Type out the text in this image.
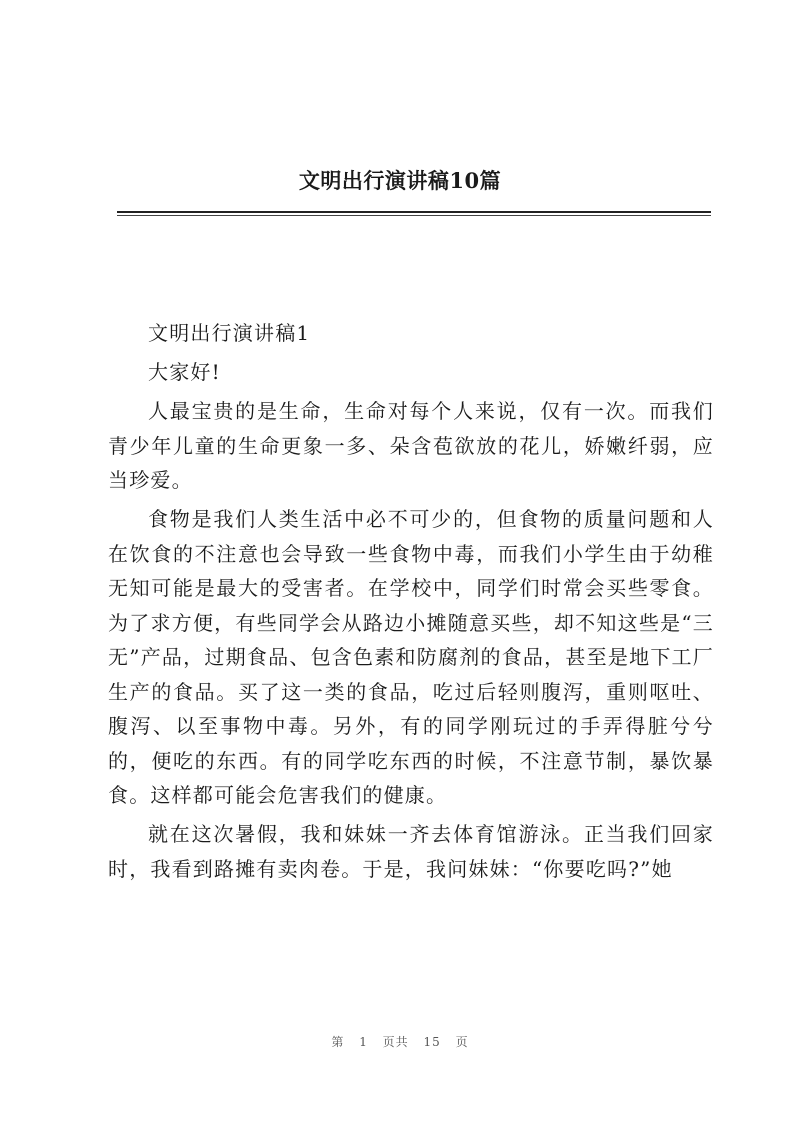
文明出行演讲稿10篇

文明出行演讲稿1

大家好!

人最宝贵的是生命，生命对每个人来说，仅有一次。而我们青少年儿童的生命更象一多、朵含苞欲放的花儿，娇嫩纤弱，应当珍爱。

食物是我们人类生活中必不可少的，但食物的质量问题和人在饮食的不注意也会导致一些食物中毒，而我们小学生由于幼稚无知可能是最大的受害者。在学校中，同学们时常会买些零食。为了求方便，有些同学会从路边小摊随意买些，却不知这些是“三无”产品，过期食品、包含色素和防腐剂的食品，甚至是地下工厂生产的食品。买了这一类的食品，吃过后轻则腹泻，重则呕吐、腹泻、以至事物中毒。另外，有的同学刚玩过的手弄得脏兮兮的，便吃的东西。有的同学吃东西的时候，不注意节制，暴饮暴食。这样都可能会危害我们的健康。

就在这次暑假，我和妹妹一齐去体育馆游泳。正当我们回家时，我看到路摊有卖肉卷。于是，我问妹妹：“你要吃吗?”她

第 1 页共 15 页
